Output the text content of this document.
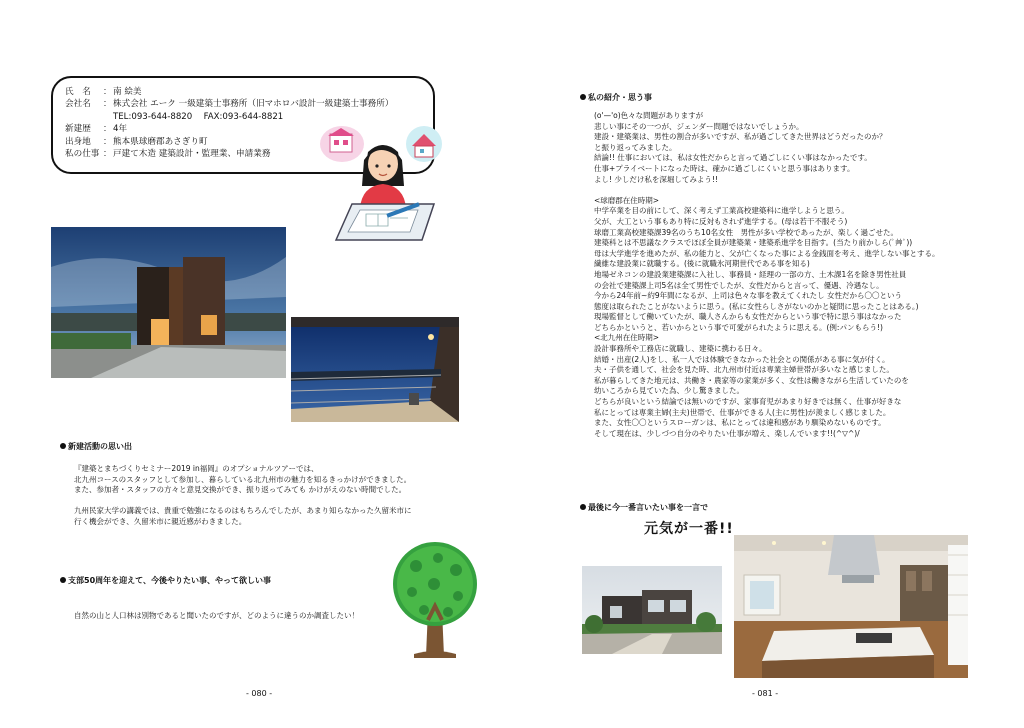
氏　名	： 南 絵美
会社名	： 株式会社 エーク 一級建築士事務所（旧マホロバ設計一級建築士事務所）
TEL:093-644-8820　 FAX:093-644-8821
新建歴	： 4年
出身地	： 熊本県球磨郡あさぎり町
私の仕事 ： 戸建て木造 建築設計・監理業、申請業務
新建活動の思い出
『建築とまちづくりセミナー2019 in福岡』のオプショナルツアーでは、
北九州コースのスタッフとして参加し、暮らしている北九州市の魅力を知るきっかけができました。
また、参加者・スタッフの方々と意見交換ができ、振り返ってみても かけがえのない時間でした。

九州民家大学の講義では、貴重で勉強になるのはもちろんでしたが、あまり知らなかった久留米市に
行く機会ができ、久留米市に親近感がわきました。
支部50周年を迎えて、今後やりたい事、やって欲しい事
自然の山と人口林は別物であると聞いたのですが、どのように違うのか調査したい！
- 080 -
私の紹介・思う事
(o'—'o)色々な問題がありますが
悲しい事にその一つが、ジェンダー問題ではないでしょうか。
建設・建築業は、男性の割合が多いですが、私が過ごしてきた世界はどうだったのか？
と振り返ってみました。
結論!! 仕事においては、私は女性だからと言って過ごしにくい事はなかったです。
仕事+プライベートになった時は、確かに過ごしにくいと思う事はあります。
よし! 少しだけ私を深堀してみよう!!

<球磨郡在住時期>
中学卒業を目の前にして、深く考えず工業高校建築科に進学しようと思う。
父が、大工という事もあり特に反対もされず進学する。(母は若干不服そう)
球磨工業高校建築課39名のうち10名女性　男性が多い学校であったが、楽しく過ごせた。
建築科とは不思議なクラスでほぼ全員が建築業・建築系進学を目指す。(当たり前かしら(ﾟ艸ﾟ))
母は大学進学を進めたが、私の能力と、父が亡くなった事による金銭面を考え、進学しない事とする。
繊維な建設業に就職する。(後に就職氷河期世代である事を知る)
地場ゼネコンの建設業建築課に入社し、事務員・経理の一部の方、土木課1名を除き男性社員
の会社で建築課上司5名は全て男性でしたが、女性だからと言って、優遇、冷遇なし。
今から24年前~約9年間になるが、上司は色々な事を教えてくれたし 女性だから〇〇という
態度は取られたことがないように思う。(私に女性らしさがないのかと疑問に思ったことはある。)
現場監督として働いていたが、職人さんからも女性だからという事で特に思う事はなかった
どちらかというと、若いからという事で可愛がられたように思える。(例:パンもらう!)
<北九州在住時期>
設計事務所や工務店に就職し、建築に携わる日々。
結婚・出産(2人)をし、私一人では体験できなかった社会との関係がある事に気が付く。
夫・子供を通して、社会を見た時、北九州市付近は専業主婦世帯が多いなと感じました。
私が暮らしてきた地元は、共働き・農家等の家業が多く、女性は働きながら生活していたのを
幼いころから見ていた為、少し驚きました。
どちらが良いという結論では無いのですが、家事育児があまり好きでは無く、仕事が好きな
私にとっては専業主婦(主夫)世帯で、仕事ができる人(主に男性)が羨ましく感じました。
また、女性〇〇というスローガンは、私にとっては違和感があり馴染めないものです。
そして現在は、少しづつ自分のやりたい仕事が増え、楽しんでいます!!(^▽^)/
最後に今一番言いたい事を一言で
元気が一番!!
- 081 -
